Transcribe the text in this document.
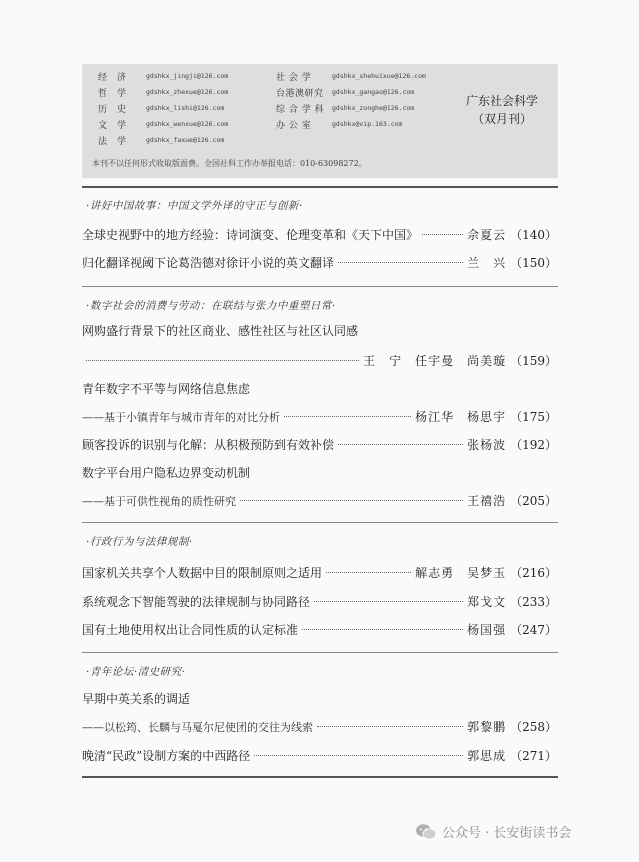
经　济	gdshkx_jingji@126.com
哲　学	gdshkx_zhexue@126.com
历　史	gdshkx_lishi@126.com
文　学	gdshkx_wenxue@126.com
法　学	gdshkx_faxue@126.com
社 会 学	gdshkx_shehuixue@126.com
台港澳研究 gdshkx_gangao@126.com
综 合 学 科 gdshkx_zonghe@126.com
办 公 室	gdshkx@vip.163.com
广东社会科学
（双月刊）
本刊不以任何形式收取版面费。全国社科工作办举报电话：010-63098272。
·讲好中国故事：中国文学外译的守正与创新·
全球史视野中的地方经验：诗词演变、伦理变革和《天下中国》	佘夏云 （140）
归化翻译视阈下论葛浩德对徐讦小说的英文翻译	兰　兴 （150）
·数字社会的消费与劳动：在联结与张力中重塑日常·
网购盛行背景下的社区商业、感性社区与社区认同感
王　宁　任宇曼　尚美璇 （159）
青年数字不平等与网络信息焦虑
——基于小镇青年与城市青年的对比分析	杨江华　杨思宇 （175）
顾客投诉的识别与化解：从积极预防到有效补偿	张杨波 （192）
数字平台用户隐私边界变动机制
——基于可供性视角的质性研究	王禧浩 （205）
·行政行为与法律规制·
国家机关共享个人数据中目的限制原则之适用	解志勇　吴梦玉 （216）
系统观念下智能驾驶的法律规制与协同路径	郑戈文 （233）
国有土地使用权出让合同性质的认定标准	杨国强 （247）
·青年论坛·清史研究·
早期中英关系的调适
——以松筠、长麟与马戛尔尼使团的交往为线索	郭黎鹏 （258）
晚清“民政”设制方案的中西路径	郭思成 （271）
公众号 · 长安街读书会
